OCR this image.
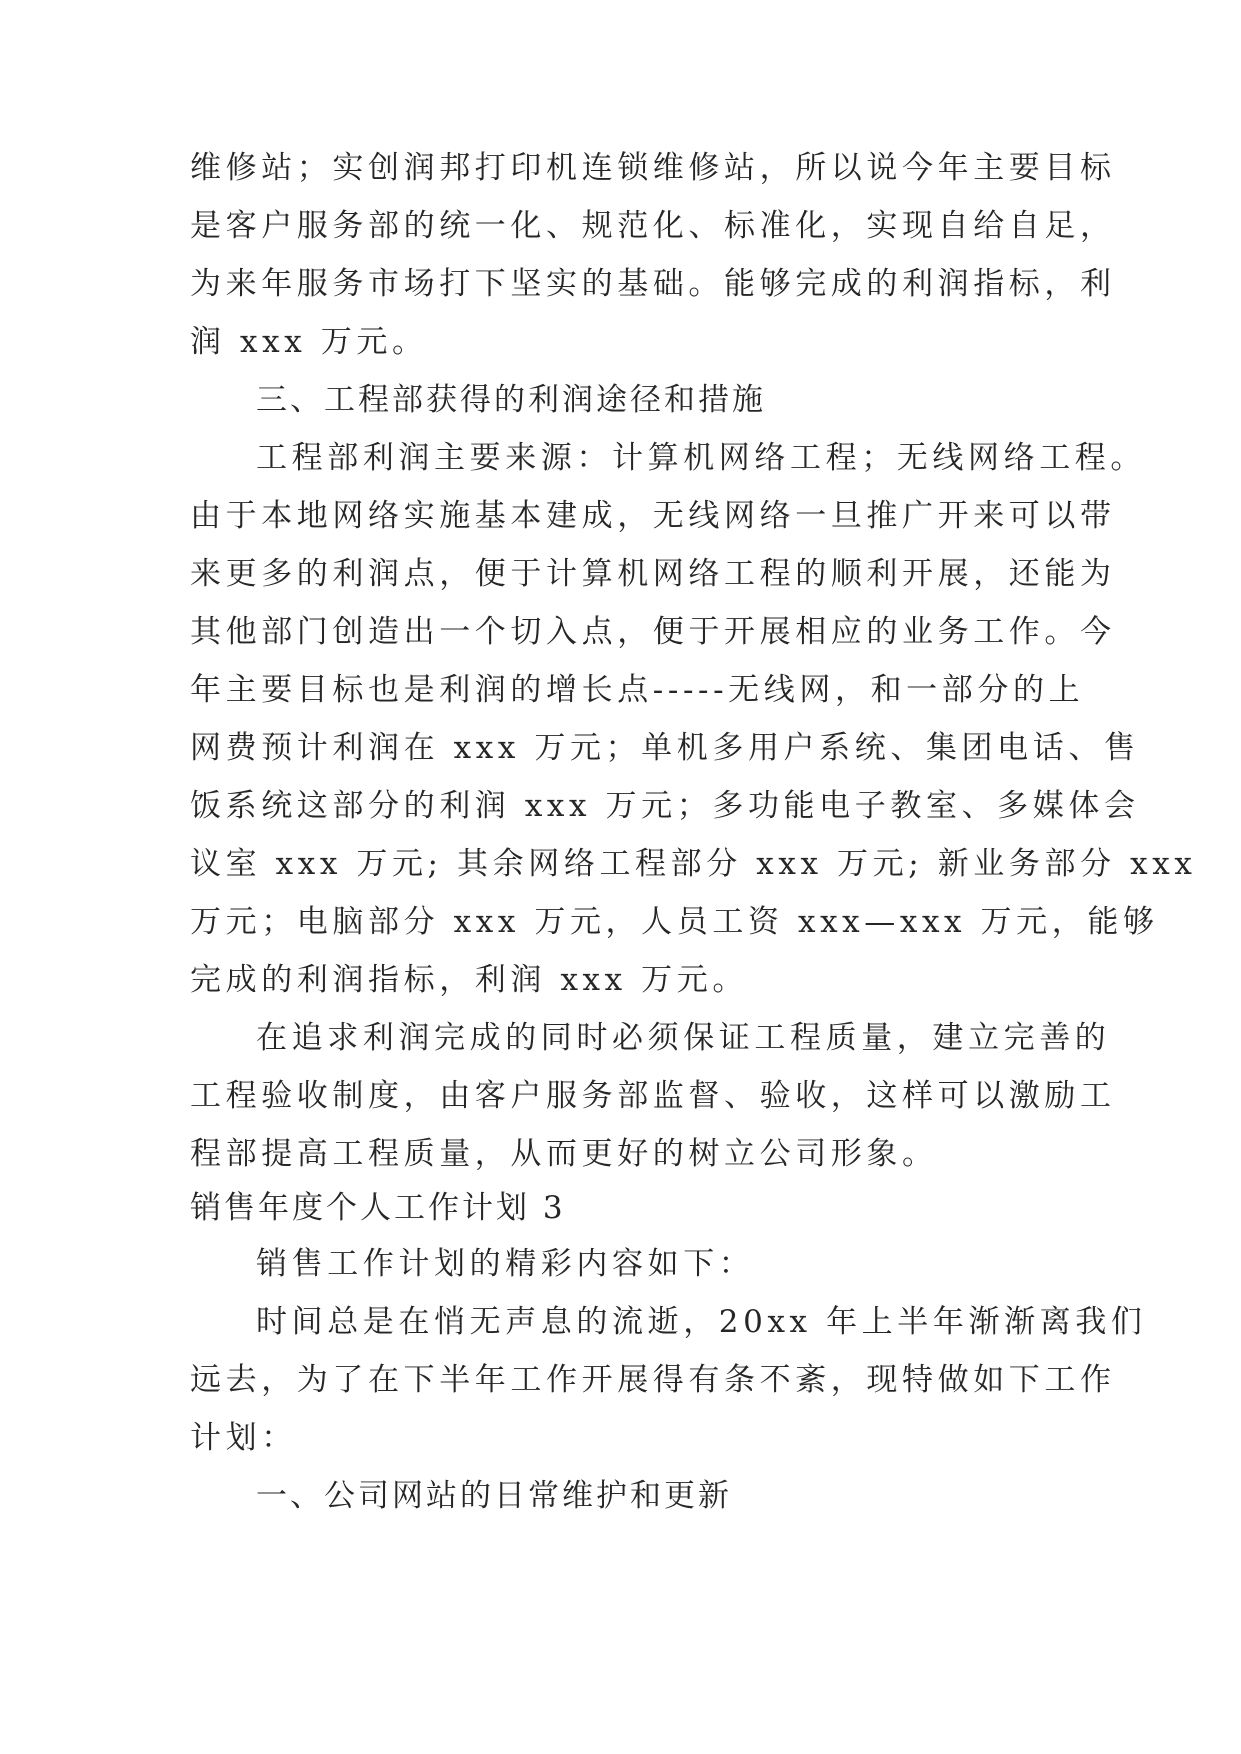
维修站；实创润邦打印机连锁维修站，所以说今年主要目标
是客户服务部的统一化、规范化、标准化，实现自给自足，
为来年服务市场打下坚实的基础。能够完成的利润指标，利
润 xxx 万元。
三、工程部获得的利润途径和措施
工程部利润主要来源：计算机网络工程；无线网络工程。
由于本地网络实施基本建成，无线网络一旦推广开来可以带
来更多的利润点，便于计算机网络工程的顺利开展，还能为
其他部门创造出一个切入点，便于开展相应的业务工作。今
年主要目标也是利润的增长点-----无线网，和一部分的上
网费预计利润在 xxx 万元；单机多用户系统、集团电话、售
饭系统这部分的利润 xxx 万元；多功能电子教室、多媒体会
议室 xxx 万元; 其余网络工程部分 xxx 万元; 新业务部分 xxx
万元；电脑部分 xxx 万元，人员工资 xxx—xxx 万元，能够
完成的利润指标，利润 xxx 万元。
在追求利润完成的同时必须保证工程质量，建立完善的
工程验收制度，由客户服务部监督、验收，这样可以激励工
程部提高工程质量，从而更好的树立公司形象。
销售年度个人工作计划 3
销售工作计划的精彩内容如下：
时间总是在悄无声息的流逝，20xx 年上半年渐渐离我们
远去，为了在下半年工作开展得有条不紊，现特做如下工作
计划：
一、公司网站的日常维护和更新
